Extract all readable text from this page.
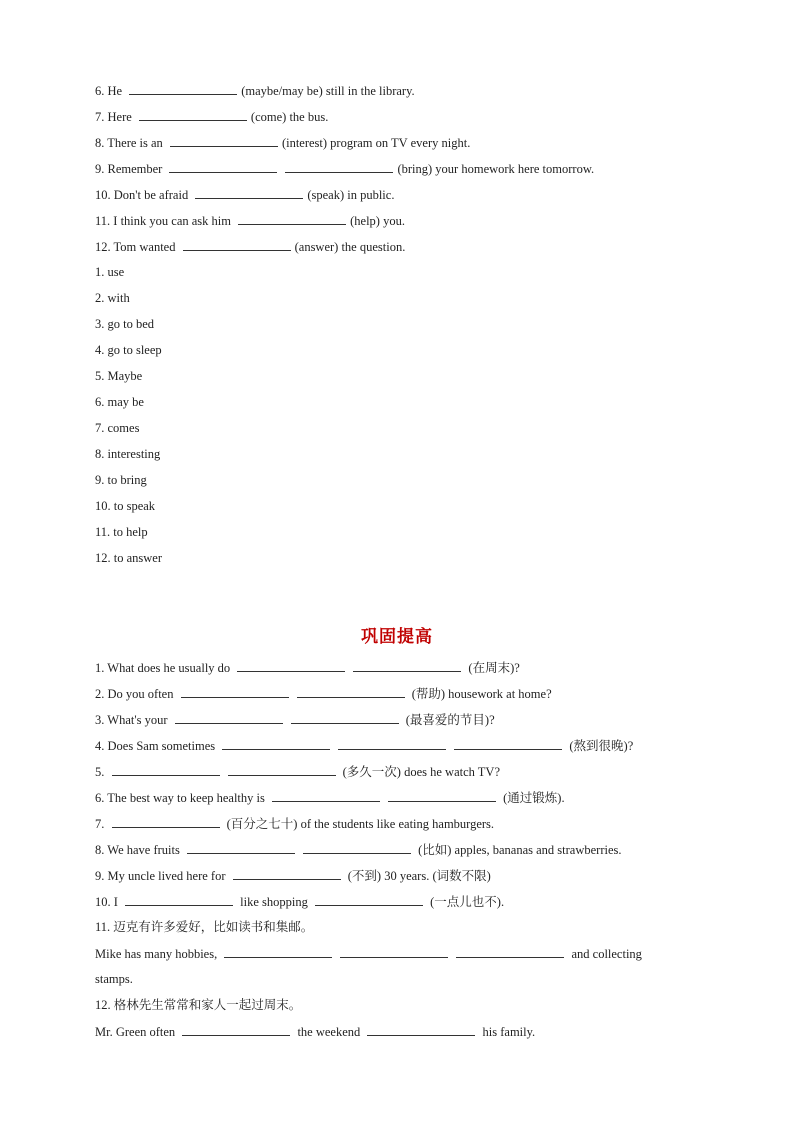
6. He	(maybe/may be) still in the library.
7. Here	(come) the bus.
8. There is an	(interest) program on TV every night.
9. Remember	(bring) your homework here tomorrow.
10. Don't be afraid	(speak) in public.
11. I think you can ask him	(help) you.
12. Tom wanted	(answer) the question.
1. use
2. with
3. go to bed
4. go to sleep
5. Maybe
6. may be
7. comes
8. interesting
9. to bring
10. to speak
11. to help
12. to answer
巩固提高
1. What does he usually do	(在周末)?
2. Do you often	(帮助) housework at home?
3. What's your	(最喜爱的节目)?
4. Does Sam sometimes	(熬到很晚)?
5.	(多久一次) does he watch TV?
6. The best way to keep healthy is	(通过锻炼).
7.	(百分之七十) of the students like eating hamburgers.
8. We have fruits	(比如) apples, bananas and strawberries.
9. My uncle lived here for	(不到) 30 years. (词数不限)
10. I	like shopping	(一点儿也不).
11. 迈克有许多爱好，比如读书和集邮。
Mike has many hobbies,	and collecting
stamps.
12. 格林先生常常和家人一起过周末。
Mr. Green often	the weekend	his family.
